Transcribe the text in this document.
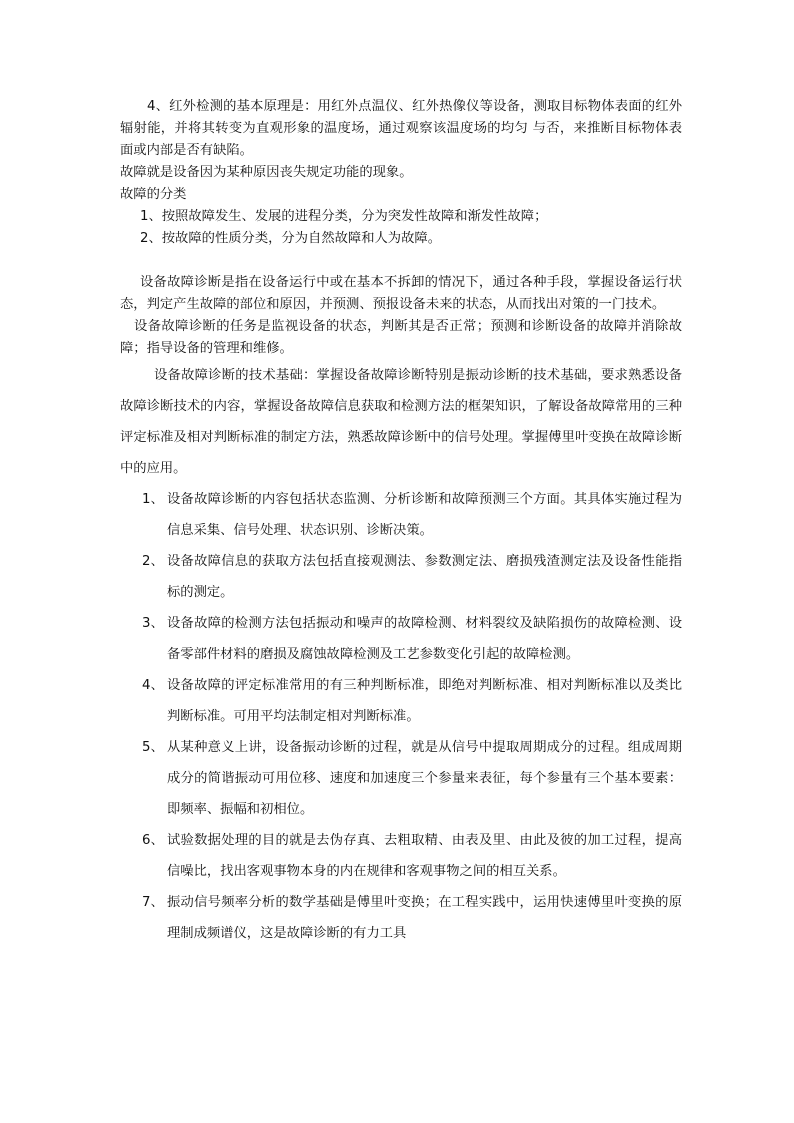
4、红外检测的基本原理是：用红外点温仪、红外热像仪等设备，测取目标物体表面的红外辐射能，并将其转变为直观形象的温度场，通过观察该温度场的均匀 与否，来推断目标物体表面或内部是否有缺陷。

故障就是设备因为某种原因丧失规定功能的现象。

故障的分类

1、按照故障发生、发展的进程分类，分为突发性故障和渐发性故障；

2、按故障的性质分类，分为自然故障和人为故障。

设备故障诊断是指在设备运行中或在基本不拆卸的情况下，通过各种手段，掌握设备运行状态，判定产生故障的部位和原因，并预测、预报设备未来的状态，从而找出对策的一门技术。

设备故障诊断的任务是监视设备的状态，判断其是否正常；预测和诊断设备的故障并消除故障；指导设备的管理和维修。

设备故障诊断的技术基础：掌握设备故障诊断特别是振动诊断的技术基础，要求熟悉设备故障诊断技术的内容，掌握设备故障信息获取和检测方法的框架知识，了解设备故障常用的三种评定标准及相对判断标准的制定方法，熟悉故障诊断中的信号处理。掌握傅里叶变换在故障诊断中的应用。

1、 设备故障诊断的内容包括状态监测、分析诊断和故障预测三个方面。其具体实施过程为信息采集、信号处理、状态识别、诊断决策。
2、 设备故障信息的获取方法包括直接观测法、参数测定法、磨损残渣测定法及设备性能指标的测定。
3、 设备故障的检测方法包括振动和噪声的故障检测、材料裂纹及缺陷损伤的故障检测、设备零部件材料的磨损及腐蚀故障检测及工艺参数变化引起的故障检测。
4、 设备故障的评定标准常用的有三种判断标准，即绝对判断标准、相对判断标准以及类比判断标准。可用平均法制定相对判断标准。
5、 从某种意义上讲，设备振动诊断的过程，就是从信号中提取周期成分的过程。组成周期成分的简谐振动可用位移、速度和加速度三个参量来表征，每个参量有三个基本要素：即频率、振幅和初相位。
6、 试验数据处理的目的就是去伪存真、去粗取精、由表及里、由此及彼的加工过程，提高信噪比，找出客观事物本身的内在规律和客观事物之间的相互关系。
7、 振动信号频率分析的数学基础是傅里叶变换；在工程实践中，运用快速傅里叶变换的原理制成频谱仪，这是故障诊断的有力工具
